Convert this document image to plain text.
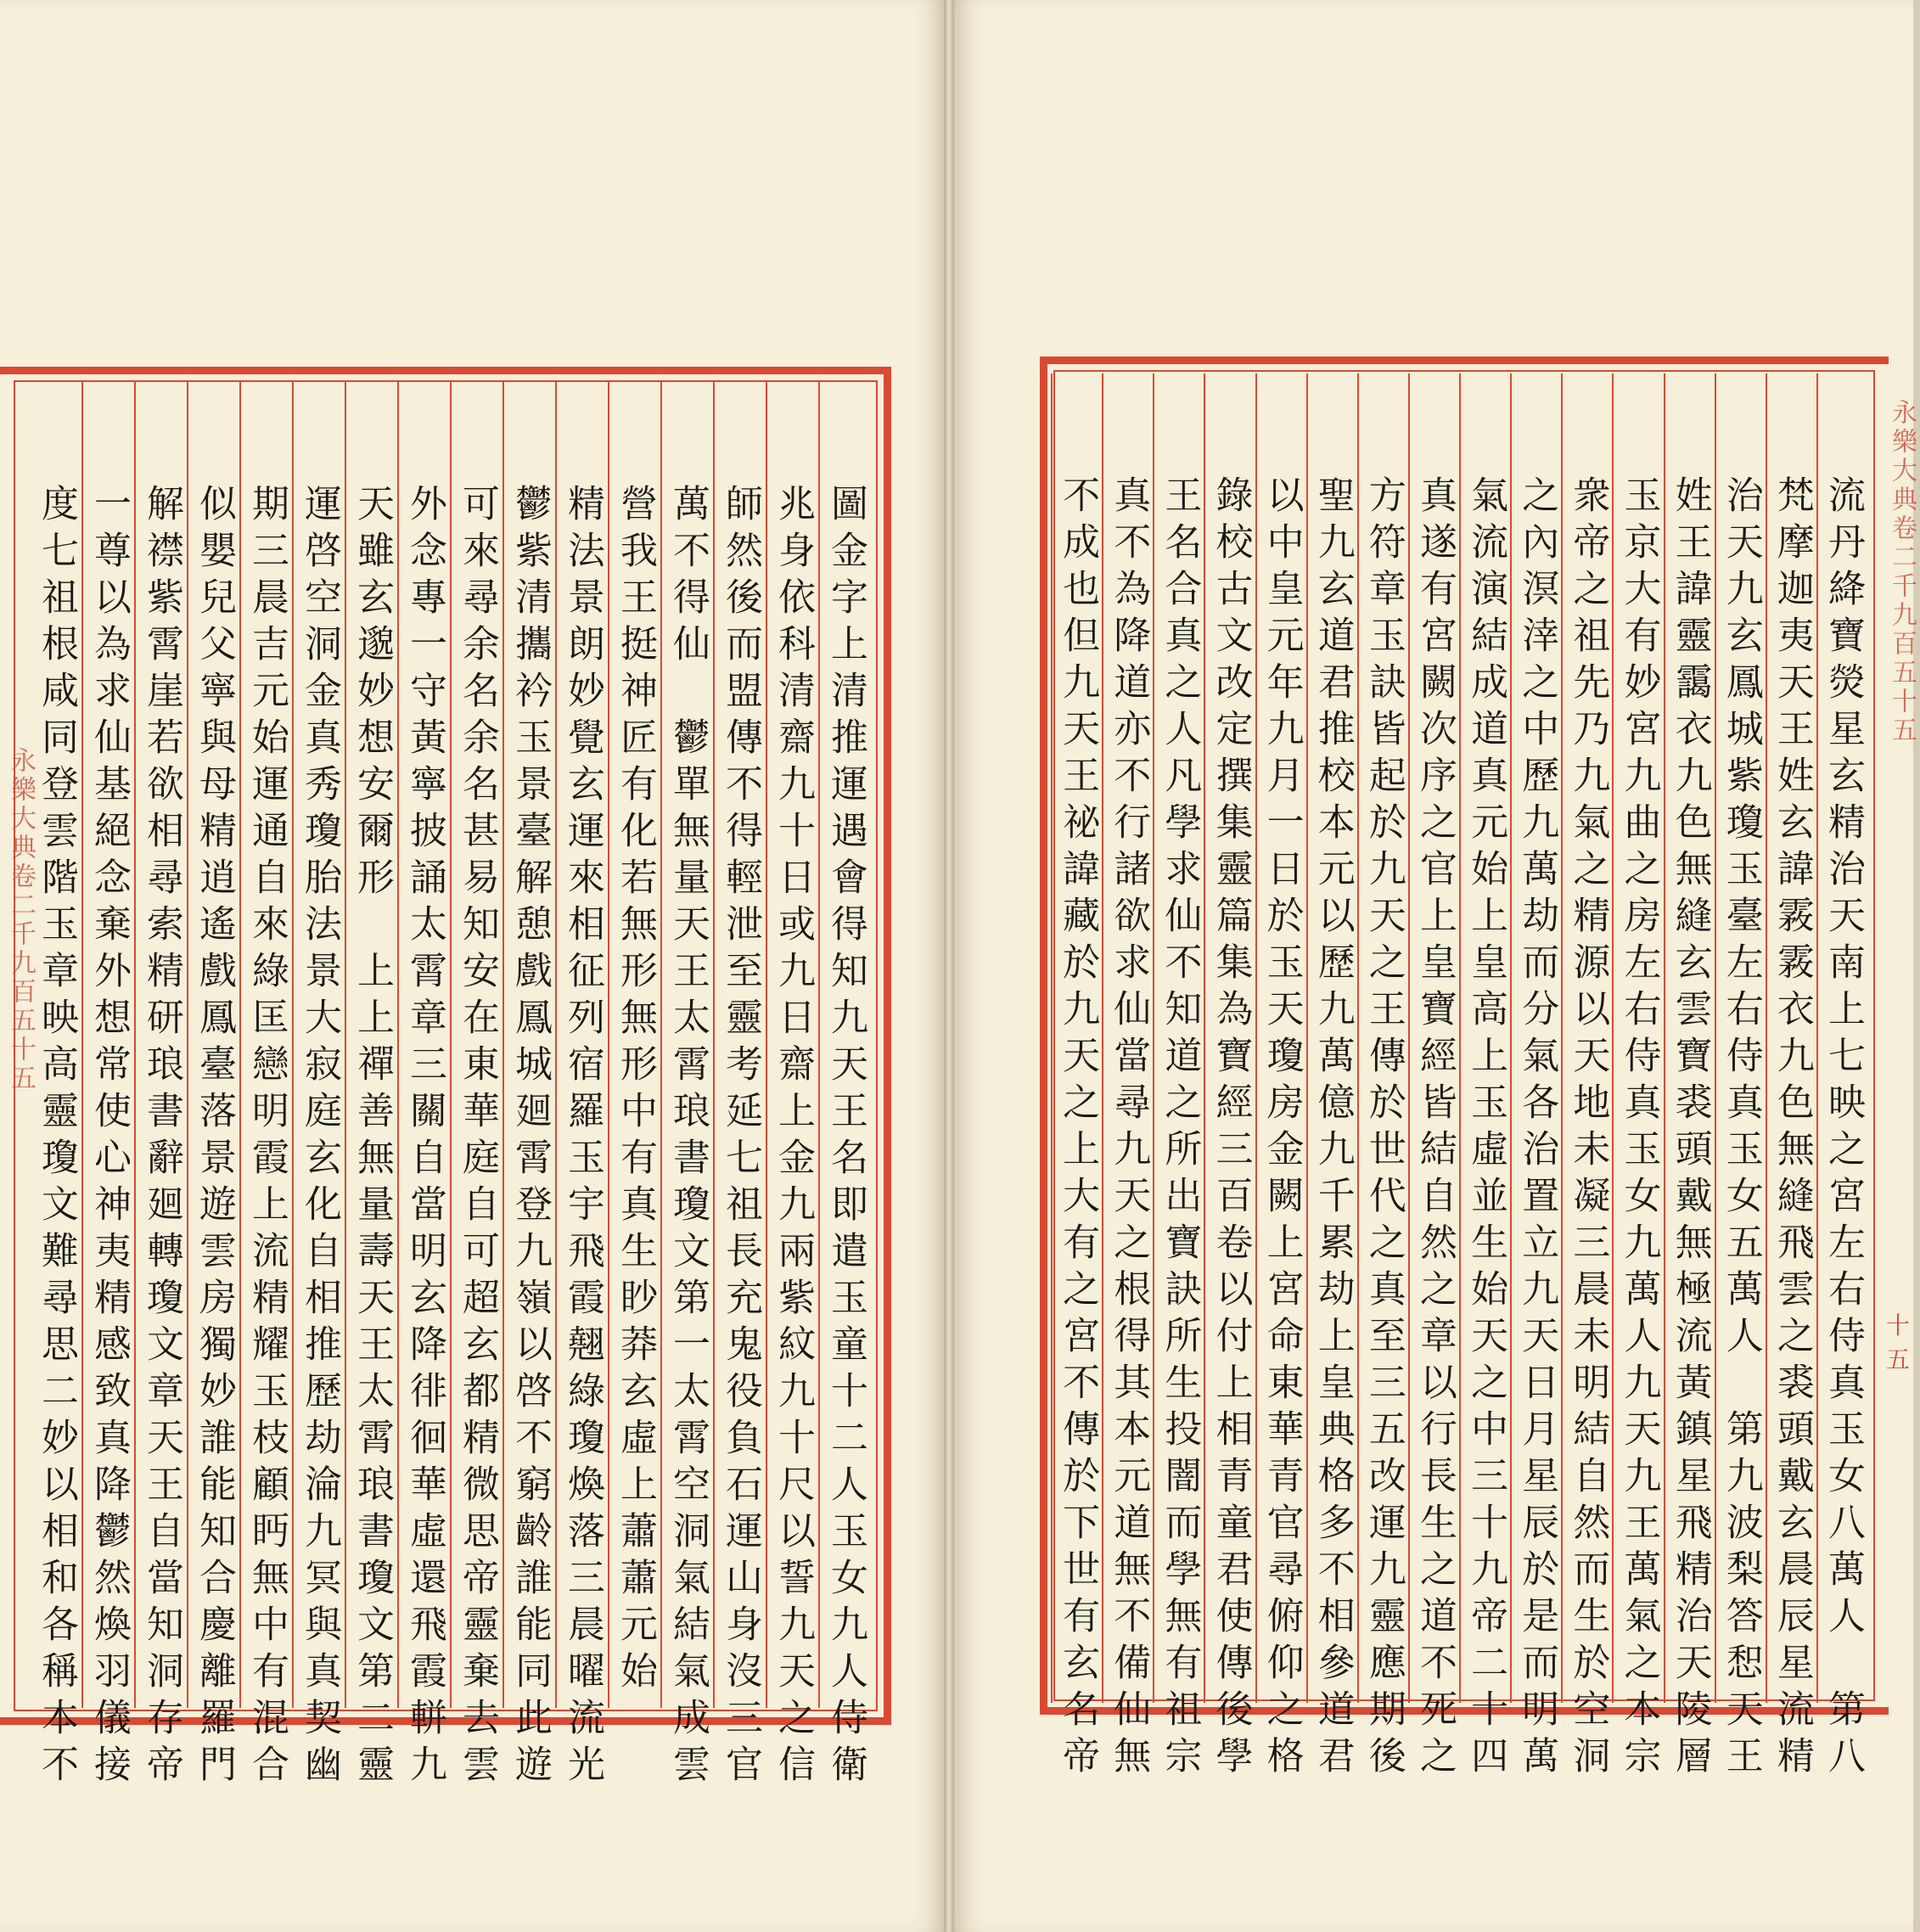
永樂大典卷二千九百五十五
永樂大典卷二千九百五十五
十五
圖金字上清推運遇會得知九天王名即遣玉童十二人玉女九人侍衛
兆身依科清齋九十日或九日齋上金九兩紫紋九十尺以誓九天之信
師然後而盟傳不得輕泄至靈考延七祖長充鬼役負石運山身沒三官
萬不得仙　鬱單無量天王太霄琅書瓊文第一太霄空洞氣結氣成雲
營我王挺神匠有化若無形無形中有真生眇莽玄虛上蕭蕭元始
精法景朗妙覺玄運來相征列宿羅玉宇飛霞翹綠瓊煥落三晨曜流光
鬱紫清攜衿玉景臺解憩戲鳳城廻霄登九嶺以啓不窮齡誰能同此遊
可來尋余名余名甚易知安在東華庭自可超玄都精微思帝靈棄去雲
外念專一守黃寧披誦太霄章三關自當明玄降徘徊華虛還飛霞軿九
天雖玄邈妙想安爾形　上上禪善無量壽天王太霄琅書瓊文第二靈
運啓空洞金真秀瓊胎法景大寂庭玄化自相推歷劫淪九冥與真契幽
期三晨吉元始運通自來綠匡戀明霞上流精耀玉枝顧眄無中有混合
似嬰兒父寧與母精逍遙戲鳳臺落景遊雲房獨妙誰能知合慶離羅門
解襟紫霄崖若欲相尋索精研琅書辭廻轉瓊文章天王自當知洞存帝
一尊以為求仙基絕念棄外想常使心神夷精感致真降鬱然煥羽儀接
度七祖根咸同登雲階玉章映高靈瓊文難尋思二妙以相和各稱本不	流丹絳寶熒星玄精治天南上七映之宮左右侍真玉女八萬人　第八
梵摩迦夷天王姓玄諱霚霚衣九色無縫飛雲之裘頭戴玄晨辰星流精
治天九玄鳳城紫瓊玉臺左右侍真玉女五萬人　第九波梨答惒天王
姓王諱靈靄衣九色無縫玄雲寶裘頭戴無極流黃鎮星飛精治天陵層
玉京大有妙宮九曲之房左右侍真玉女九萬人九天九王萬氣之本宗
衆帝之祖先乃九氣之精源以天地未凝三晨未明結自然而生於空洞
之內溟涬之中歷九萬劫而分氣各治置立九天日月星辰於是而明萬
氣流演結成道真元始上皇高上玉虛並生始天之中三十九帝二十四
真遂有宮闕次序之官上皇寶經皆結自然之章以行長生之道不死之
方符章玉訣皆起於九天之王傳於世代之真至三五改運九靈應期後
聖九玄道君推校本元以歷九萬億九千累劫上皇典格多不相參道君
以中皇元年九月一日於玉天瓊房金闕上宮命東華青官尋俯仰之格
錄校古文改定撰集靈篇集為寶經三百卷以付上相青童君使傳後學
王名合真之人凡學求仙不知道之所出寶訣所生投闇而學無有祖宗
真不為降道亦不行諸欲求仙當尋九天之根得其本元道無不備仙無
不成也但九天王祕諱藏於九天之上大有之宮不傳於下世有玄名帝
